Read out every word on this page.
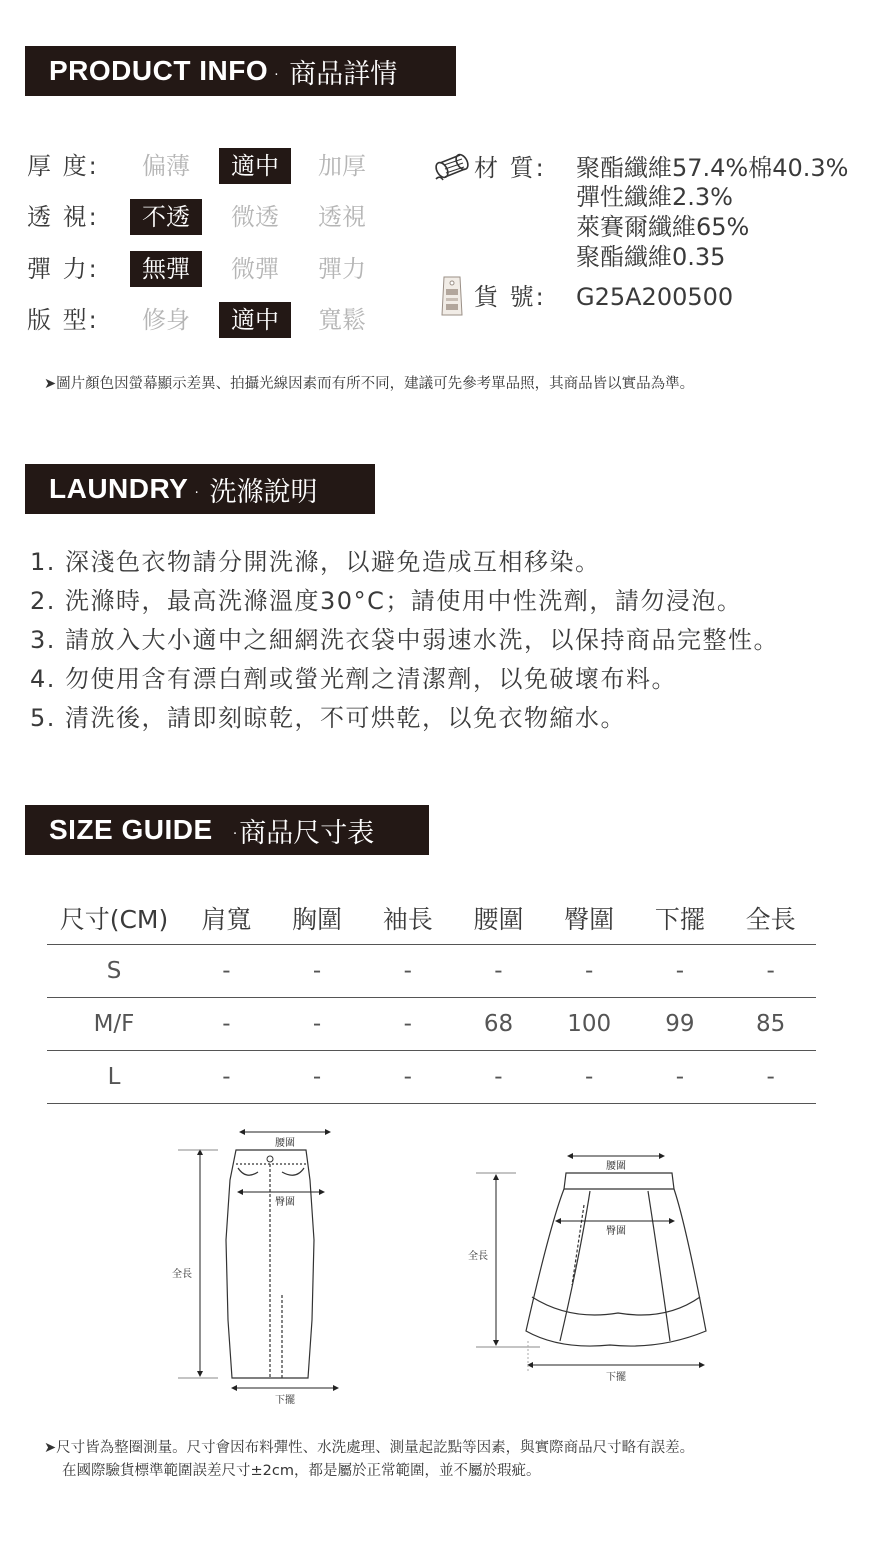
PRODUCT INFO · 商品詳情
厚 度:	偏薄	適中	加厚
透 視:	不透	微透	透視
彈 力:	無彈	微彈	彈力
版 型:	修身	適中	寬鬆
材 質: 聚酯纖維57.4%棉40.3%
彈性纖維2.3%
萊賽爾纖維65%
聚酯纖維0.35
貨 號: G25A200500
➤圖片顏色因螢幕顯示差異、拍攝光線因素而有所不同，建議可先參考單品照，其商品皆以實品為準。
LAUNDRY · 洗滌說明
1. 深淺色衣物請分開洗滌，以避免造成互相移染。
2. 洗滌時，最高洗滌溫度30°C；請使用中性洗劑，請勿浸泡。
3. 請放入大小適中之細網洗衣袋中弱速水洗，以保持商品完整性。
4. 勿使用含有漂白劑或螢光劑之清潔劑，以免破壞布料。
5. 清洗後，請即刻晾乾，不可烘乾，以免衣物縮水。
SIZE GUIDE ·商品尺寸表
尺寸(CM)	肩寬	胸圍	袖長	腰圍	臀圍	下擺	全長
S	-	-	-	-	-	-	-
M/F	-	-	-	68	100	99	85
L	-	-	-	-	-	-	-
腰圍
臀圍
全長
下擺
腰圍
臀圍
全長
下擺
➤尺寸皆為整圈測量。尺寸會因布料彈性、水洗處理、測量起訖點等因素，與實際商品尺寸略有誤差。
在國際驗貨標準範圍誤差尺寸±2cm，都是屬於正常範圍，並不屬於瑕疵。
